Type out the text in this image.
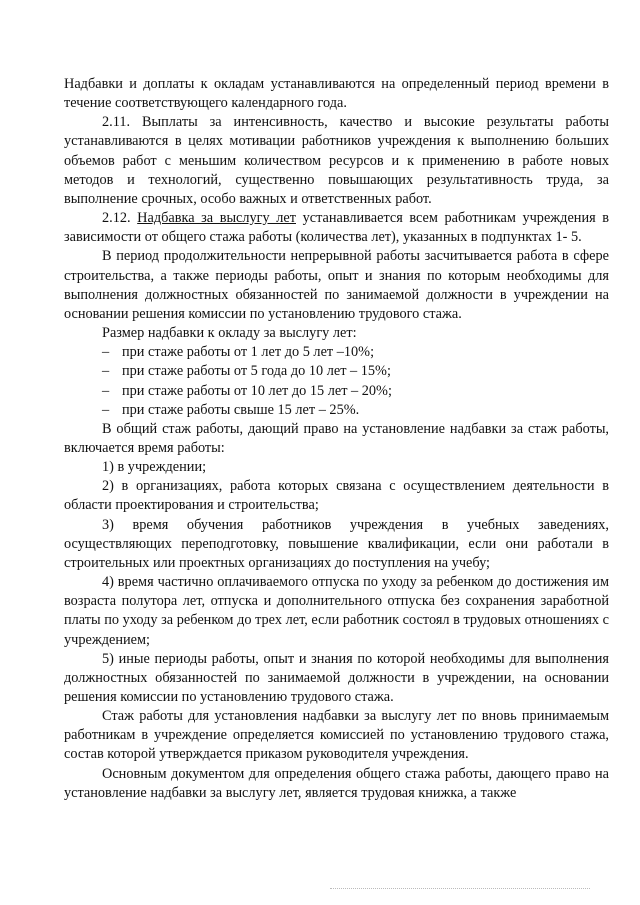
Надбавки и доплаты к окладам устанавливаются на определенный период времени в течение соответствующего календарного года.

2.11. Выплаты за интенсивность, качество и высокие результаты работы устанавливаются в целях мотивации работников учреждения к выполнению больших объемов работ с меньшим количеством ресурсов и к применению в работе новых методов и технологий, существенно повышающих результативность труда, за выполнение срочных, особо важных и ответственных работ.

2.12. Надбавка за выслугу лет устанавливается всем работникам учреждения в зависимости от общего стажа работы (количества лет), указанных в подпунктах 1- 5.

В период продолжительности непрерывной работы засчитывается работа в сфере строительства, а также периоды работы, опыт и знания по которым необходимы для выполнения должностных обязанностей по занимаемой должности в учреждении на основании решения комиссии по установлению трудового стажа.

Размер надбавки к окладу за выслугу лет:

– при стаже работы от 1 лет до 5 лет –10%;
– при стаже работы от 5 года до 10 лет – 15%;
– при стаже работы от 10 лет до 15 лет – 20%;
– при стаже работы свыше 15 лет – 25%.

В общий стаж работы, дающий право на установление надбавки за стаж работы, включается время работы:

1) в учреждении;

2) в организациях, работа которых связана с осуществлением деятельности в области проектирования и строительства;

3) время обучения работников учреждения в учебных заведениях, осуществляющих переподготовку, повышение квалификации, если они работали в строительных или проектных организациях до поступления на учебу;

4) время частично оплачиваемого отпуска по уходу за ребенком до достижения им возраста полутора лет, отпуска и дополнительного отпуска без сохранения заработной платы по уходу за ребенком до трех лет, если работник состоял в трудовых отношениях с учреждением;

5) иные периоды работы, опыт и знания по которой необходимы для выполнения должностных обязанностей по занимаемой должности в учреждении, на основании решения комиссии по установлению трудового стажа.

Стаж работы для установления надбавки за выслугу лет по вновь принимаемым работникам в учреждение определяется комиссией по установлению трудового стажа, состав которой утверждается приказом руководителя учреждения.

Основным документом для определения общего стажа работы, дающего право на установление надбавки за выслугу лет, является трудовая книжка, а также
